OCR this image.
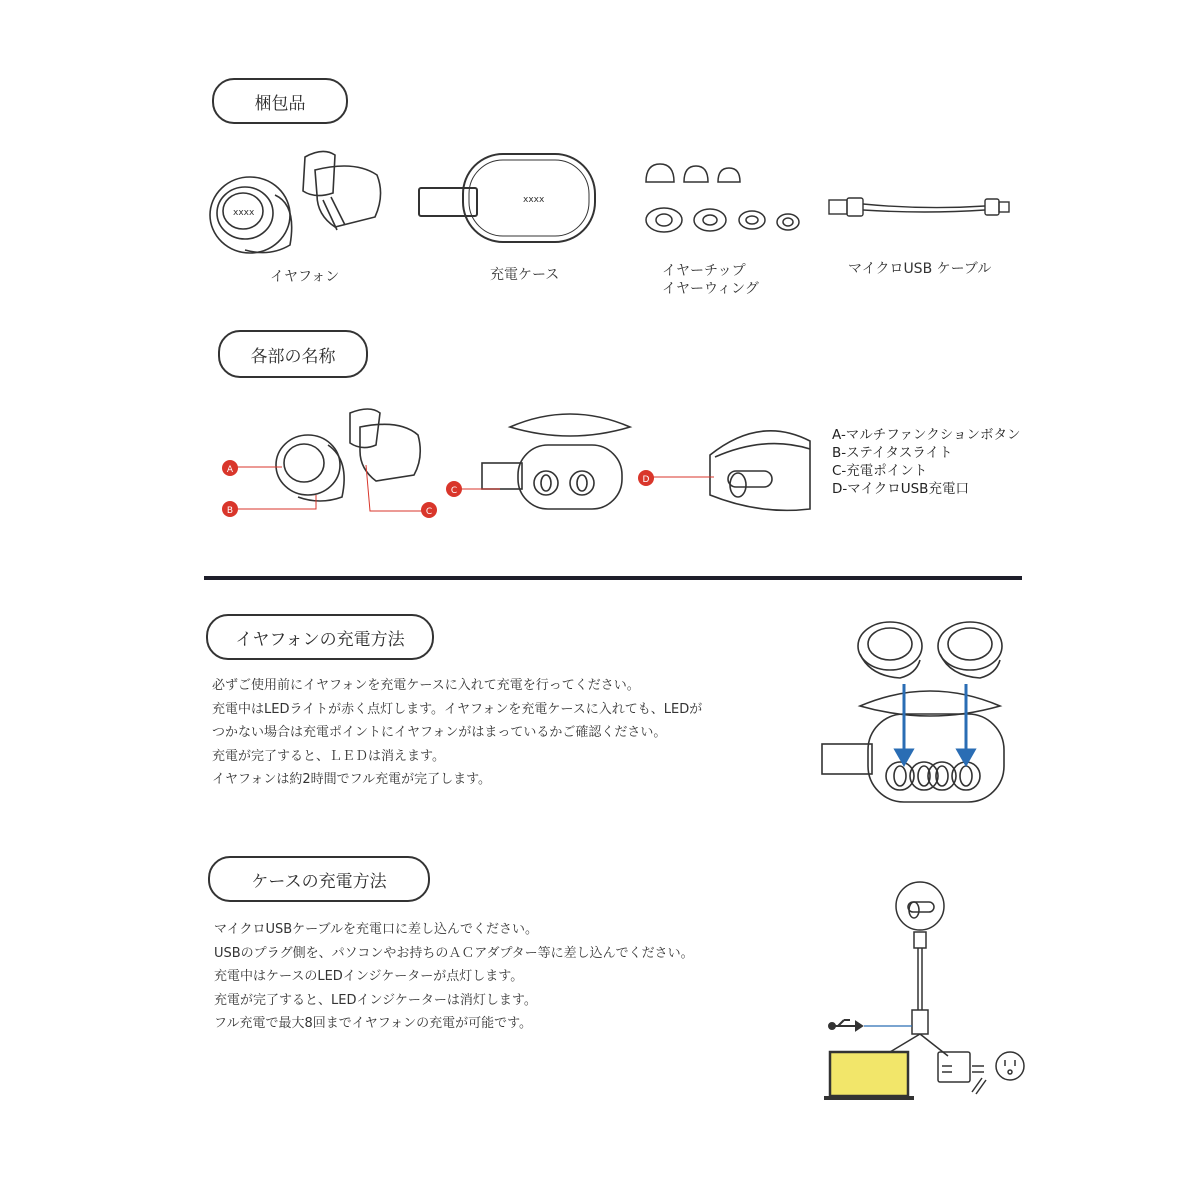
梱包品
各部の名称
イヤフォンの充電方法
ケースの充電方法
xxxx
xxxx
イヤフォン	充電ケース	イヤーチップ
イヤーウィング
マイクロUSB ケーブル
A
B	C
C
D
A-マルチファンクションボタン
B-ステイタスライト
C-充電ポイント
D-マイクロUSB充電口
必ずご使用前にイヤフォンを充電ケースに入れて充電を行ってください。
充電中はLEDライトが赤く点灯します。イヤフォンを充電ケースに入れても、LEDが
つかない場合は充電ポイントにイヤフォンがはまっているかご確認ください。
充電が完了すると、ＬＥＤは消えます。
イヤフォンは約2時間でフル充電が完了します。
マイクロUSBケーブルを充電口に差し込んでください。
USBのプラグ側を、パソコンやお持ちのＡＣアダプター等に差し込んでください。
充電中はケースのLEDインジケーターが点灯します。
充電が完了すると、LEDインジケーターは消灯します。
フル充電で最大8回までイヤフォンの充電が可能です。
